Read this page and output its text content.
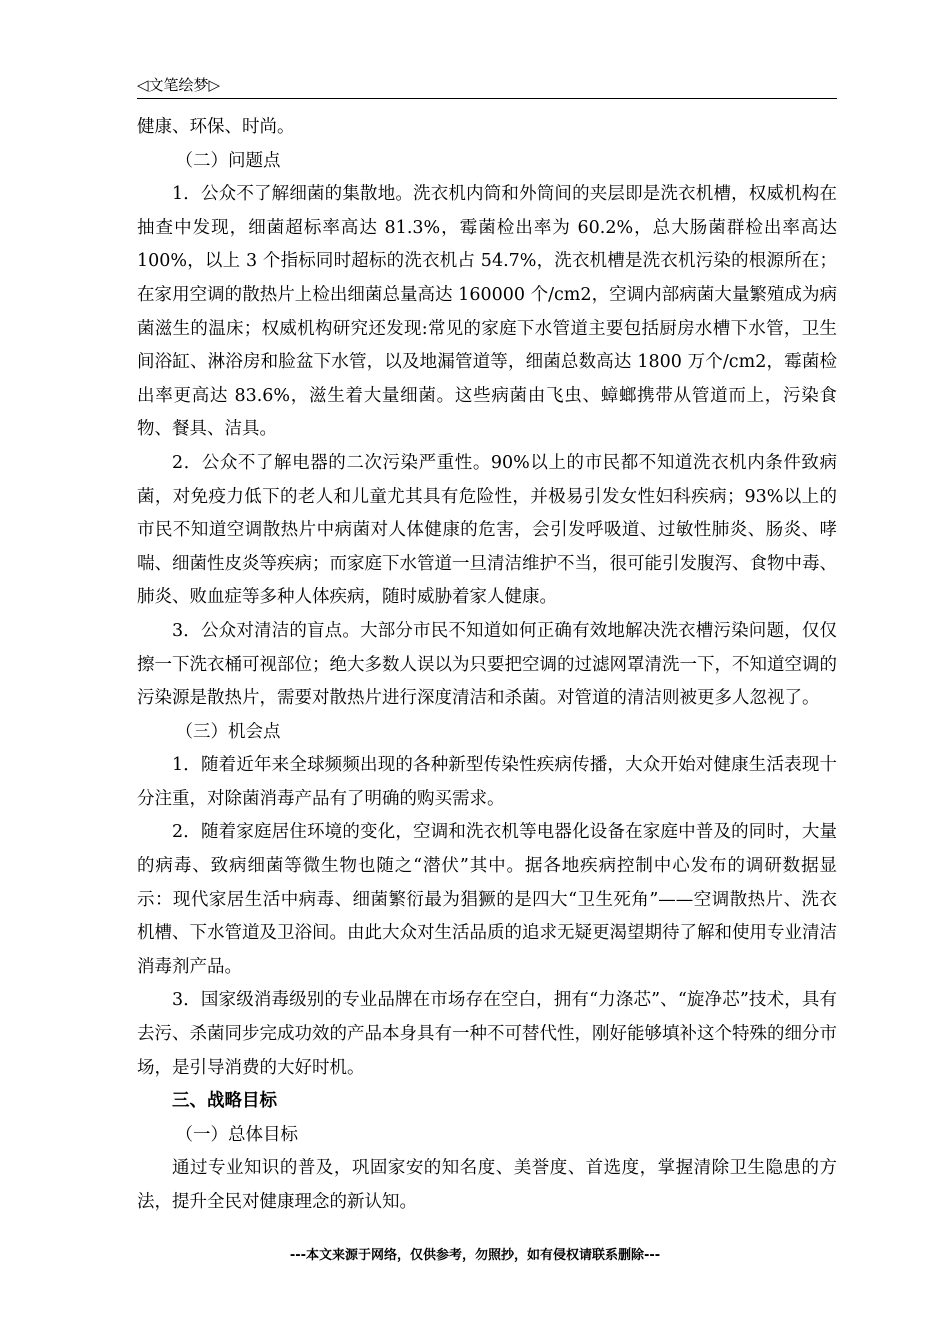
◁文笔绘梦▷

健康、环保、时尚。

（二）问题点

1．公众不了解细菌的集散地。洗衣机内筒和外筒间的夹层即是洗衣机槽，权威机构在抽查中发现，细菌超标率高达 81.3%，霉菌检出率为 60.2%，总大肠菌群检出率高达 100%，以上 3 个指标同时超标的洗衣机占 54.7%，洗衣机槽是洗衣机污染的根源所在；在家用空调的散热片上检出细菌总量高达 160000 个/cm2，空调内部病菌大量繁殖成为病菌滋生的温床；权威机构研究还发现:常见的家庭下水管道主要包括厨房水槽下水管，卫生间浴缸、淋浴房和脸盆下水管，以及地漏管道等，细菌总数高达 1800 万个/cm2，霉菌检出率更高达 83.6%，滋生着大量细菌。这些病菌由飞虫、蟑螂携带从管道而上，污染食物、餐具、洁具。

2．公众不了解电器的二次污染严重性。90%以上的市民都不知道洗衣机内条件致病菌，对免疫力低下的老人和儿童尤其具有危险性，并极易引发女性妇科疾病；93%以上的市民不知道空调散热片中病菌对人体健康的危害，会引发呼吸道、过敏性肺炎、肠炎、哮喘、细菌性皮炎等疾病；而家庭下水管道一旦清洁维护不当，很可能引发腹泻、食物中毒、肺炎、败血症等多种人体疾病，随时威胁着家人健康。

3．公众对清洁的盲点。大部分市民不知道如何正确有效地解决洗衣槽污染问题，仅仅擦一下洗衣桶可视部位；绝大多数人误以为只要把空调的过滤网罩清洗一下，不知道空调的污染源是散热片，需要对散热片进行深度清洁和杀菌。对管道的清洁则被更多人忽视了。

（三）机会点

1．随着近年来全球频频出现的各种新型传染性疾病传播，大众开始对健康生活表现十分注重，对除菌消毒产品有了明确的购买需求。

2．随着家庭居住环境的变化，空调和洗衣机等电器化设备在家庭中普及的同时，大量的病毒、致病细菌等微生物也随之“潜伏”其中。据各地疾病控制中心发布的调研数据显示：现代家居生活中病毒、细菌繁衍最为猖獗的是四大“卫生死角”——空调散热片、洗衣机槽、下水管道及卫浴间。由此大众对生活品质的追求无疑更渴望期待了解和使用专业清洁消毒剂产品。

3．国家级消毒级别的专业品牌在市场存在空白，拥有“力涤芯”、“旋净芯”技术，具有去污、杀菌同步完成功效的产品本身具有一种不可替代性，刚好能够填补这个特殊的细分市场，是引导消费的大好时机。

三、战略目标

（一）总体目标

通过专业知识的普及，巩固家安的知名度、美誉度、首选度，掌握清除卫生隐患的方法，提升全民对健康理念的新认知。

---本文来源于网络，仅供参考，勿照抄，如有侵权请联系删除---
